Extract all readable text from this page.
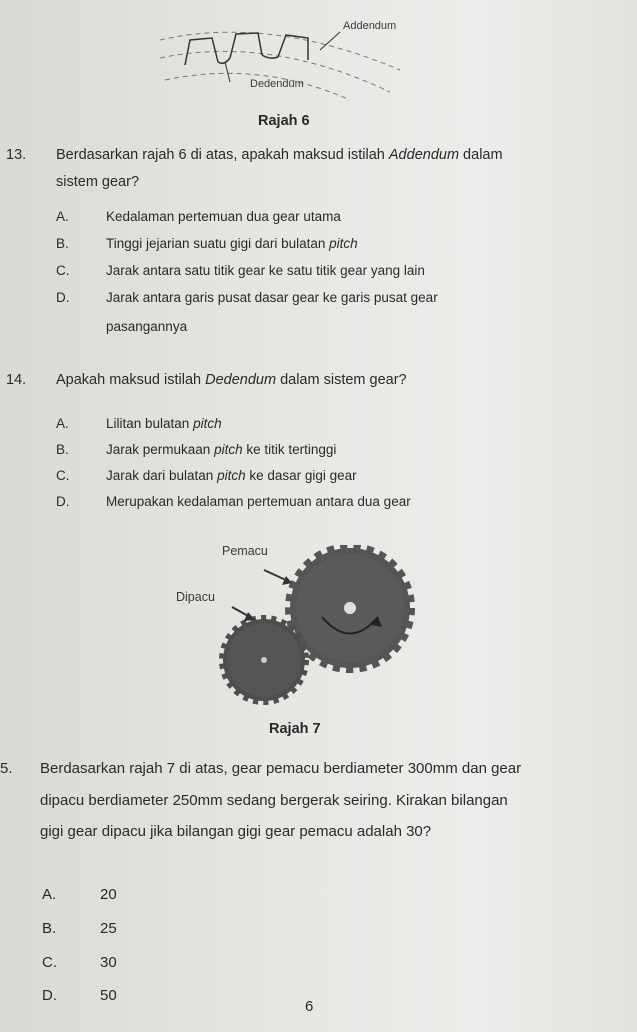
Addendum
Dedendum
Rajah 6
13. Berdasarkan rajah 6 di atas, apakah maksud istilah Addendum dalam
sistem gear?
A.	Kedalaman pertemuan dua gear utama
B.	Tinggi jejarian suatu gigi dari bulatan pitch
C.	Jarak antara satu titik gear ke satu titik gear yang lain
D.	Jarak antara garis pusat dasar gear ke garis pusat gear
pasangannya
14. Apakah maksud istilah Dedendum dalam sistem gear?
A.	Lilitan bulatan pitch
B.	Jarak permukaan pitch ke titik tertinggi
C.	Jarak dari bulatan pitch ke dasar gigi gear
D.	Merupakan kedalaman pertemuan antara dua gear
Pemacu
Dipacu
Rajah 7
5. Berdasarkan rajah 7 di atas, gear pemacu berdiameter 300mm dan gear
dipacu berdiameter 250mm sedang bergerak seiring. Kirakan bilangan
gigi gear dipacu jika bilangan gigi gear pemacu adalah 30?
A.	20
B.	25
C.	30
D.	50
6
